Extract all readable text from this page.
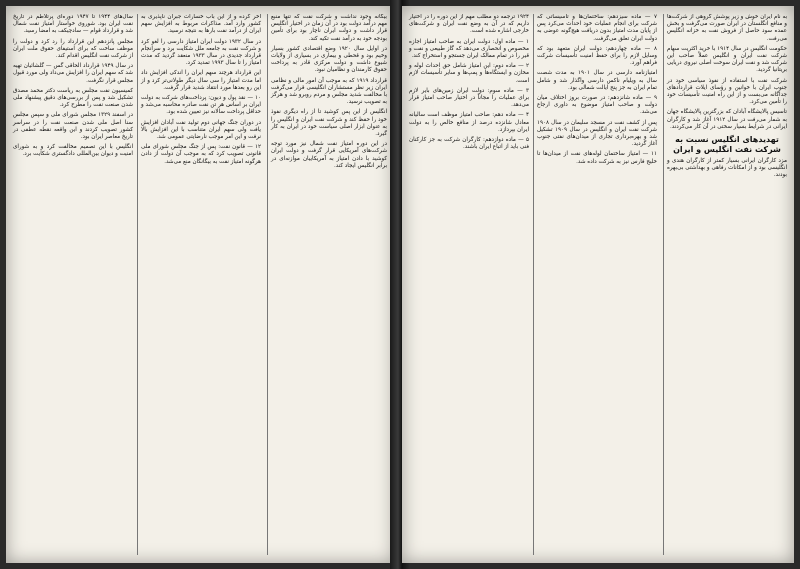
بیگانه وجود نداشت و شرکت نفت که تنها منبع مهم درآمد دولت بود در آن زمان در اختیار انگلیس قرار داشت و دولت ایران ناچار بود برای تأمین بودجه خود به درآمد نفت تکیه کند.

در اوایل سال ۱۹۲۰ وضع اقتصادی کشور بسیار وخیم بود و قحطی و بیماری در بسیاری از ولایات شیوع داشت و دولت مرکزی قادر به پرداخت حقوق کارمندان و نظامیان نبود.

قرارداد ۱۹۱۹ که به موجب آن امور مالی و نظامی ایران زیر نظر مستشاران انگلیسی قرار می‌گرفت با مخالفت شدید مجلس و مردم روبرو شد و هرگز به تصویب نرسید.

انگلیس از این پس کوشید تا از راه دیگری نفوذ خود را حفظ کند و شرکت نفت ایران و انگلیس را به عنوان ابزار اصلی سیاست خود در ایران به کار گیرد.

در این دوره امتیاز نفت شمال نیز مورد توجه شرکت‌های آمریکایی قرار گرفت و دولت ایران کوشید با دادن امتیاز به آمریکاییان موازنه‌ای در برابر انگلیس ایجاد کند.

آخر کرده و از این باب خسارات جبران ناپذیری به کشور وارد آمد. مذاکرات مربوط به افزایش سهم ایران از درآمد نفت بارها به نتیجه نرسید.

در سال ۱۹۳۲ دولت ایران امتیاز دارسی را لغو کرد و شرکت نفت به جامعه ملل شکایت برد و سرانجام قرارداد جدیدی در سال ۱۹۳۳ منعقد گردید که مدت امتیاز را تا سال ۱۹۹۳ تمدید کرد.

این قرارداد هرچند سهم ایران را اندکی افزایش داد اما مدت امتیاز را سی سال دیگر طولانی‌تر کرد و از این رو بعدها مورد انتقاد شدید قرار گرفت.

۱۰ — نقد پول و دیون: پرداخت‌های شرکت به دولت ایران بر اساس هر تن نفت صادره محاسبه می‌شد و حداقل پرداخت سالانه نیز تعیین شده بود.

در دوران جنگ جهانی دوم تولید نفت آبادان افزایش یافت ولی سهم ایران متناسب با این افزایش بالا نرفت و این امر موجب نارضایتی عمومی شد.

۱۲ — قانون نفت: پس از جنگ مجلس شورای ملی قانونی تصویب کرد که به موجب آن دولت از دادن هرگونه امتیاز نفت به بیگانگان منع می‌شد.

سال‌های ۱۹۴۴ تا ۱۹۴۷ دوره‌ای پرتلاطم در تاریخ نفت ایران بود. شوروی خواستار امتیاز نفت شمال شد و قرارداد قوام — سادچیکف به امضا رسید.

مجلس پانزدهم این قرارداد را رد کرد و دولت را موظف ساخت که برای استیفای حقوق ملت ایران از شرکت نفت انگلیس اقدام کند.

در سال ۱۹۴۹ قرارداد الحاقی گس — گلشائیان تهیه شد که سهم ایران را افزایش می‌داد ولی مورد قبول مجلس قرار نگرفت.

کمیسیون نفت مجلس به ریاست دکتر محمد مصدق تشکیل شد و پس از بررسی‌های دقیق پیشنهاد ملی شدن صنعت نفت را مطرح کرد.

در اسفند ۱۳۲۹ مجلس شورای ملی و سپس مجلس سنا اصل ملی شدن صنعت نفت را در سراسر کشور تصویب کردند و این واقعه نقطه عطفی در تاریخ معاصر ایران بود.

انگلیس با این تصمیم مخالفت کرد و به شورای امنیت و دیوان بین‌المللی دادگستری شکایت برد.

به نام ایران خوش و زیر پوشش گروهی از شرکت‌ها و منافع انگلستان در ایران صورت می‌گرفت و بخش عمده سود حاصل از فروش نفت به خزانه انگلیس می‌رفت.

حکومت انگلیس در سال ۱۹۱۴ با خرید اکثریت سهام شرکت نفت ایران و انگلیس عملاً صاحب این شرکت شد و نفت ایران سوخت اصلی نیروی دریایی بریتانیا گردید.

شرکت نفت با استفاده از نفوذ سیاسی خود در جنوب ایران با خوانین و رؤسای ایلات قراردادهای جداگانه می‌بست و از این راه امنیت تأسیسات خود را تأمین می‌کرد.

تاسیس پالایشگاه آبادان که بزرگترین پالایشگاه جهان به شمار می‌رفت در سال ۱۹۱۲ آغاز شد و کارگران ایرانی در شرایط بسیار سختی در آن کار می‌کردند.

تهدیدهای انگلیس نسبت به شرکت نفت انگلیس و ایران

مزد کارگران ایرانی بسیار کمتر از کارگران هندی و انگلیسی بود و از امکانات رفاهی و بهداشتی بی‌بهره بودند.

۷ — ماده سیزدهم: ساختمان‌ها و تأسیساتی که شرکت برای انجام عملیات خود احداث می‌کرد پس از پایان مدت امتیاز بدون دریافت هیچ‌گونه عوضی به دولت ایران تعلق می‌گرفت.

۸ — ماده چهاردهم: دولت ایران متعهد بود که وسایل لازم را برای حفظ امنیت تأسیسات شرکت فراهم آورد.

امتیازنامه دارسی در سال ۱۹۰۱ به مدت شصت سال به ویلیام ناکس دارسی واگذار شد و شامل تمام ایران به جز پنج ایالت شمالی بود.

۹ — ماده شانزدهم: در صورت بروز اختلاف میان دولت و صاحب امتیاز موضوع به داوری ارجاع می‌شد.

پس از کشف نفت در مسجد سلیمان در سال ۱۹۰۸ شرکت نفت ایران و انگلیس در سال ۱۹۰۹ تشکیل شد و بهره‌برداری تجاری از میدان‌های نفتی جنوب آغاز گردید.

۱۱ — امتیاز ساختمان لوله‌های نفت از میدان‌ها تا خلیج فارس نیز به شرکت داده شد.

۱۹۲۴ ترجمه دو مطلب مهم از این دوره را در اختیار داریم که در آن به وضع نفت ایران و شرکت‌های خارجی اشاره شده است.

۱ — ماده اول: دولت ایران به صاحب امتیاز اجازه مخصوص و انحصاری می‌دهد که گاز طبیعی و نفت و قیر را در تمام ممالک ایران جستجو و استخراج کند.

۲ — ماده دوم: این امتیاز شامل حق احداث لوله و مخازن و ایستگاه‌ها و پمپ‌ها و سایر تأسیسات لازم است.

۳ — ماده سوم: دولت ایران زمین‌های بایر لازم برای عملیات را مجاناً در اختیار صاحب امتیاز قرار می‌دهد.

۴ — ماده دهم: صاحب امتیاز موظف است سالیانه معادل شانزده درصد از منافع خالص را به دولت ایران بپردازد.

۵ — ماده دوازدهم: کارگران شرکت به جز کارکنان فنی باید از اتباع ایران باشند.
